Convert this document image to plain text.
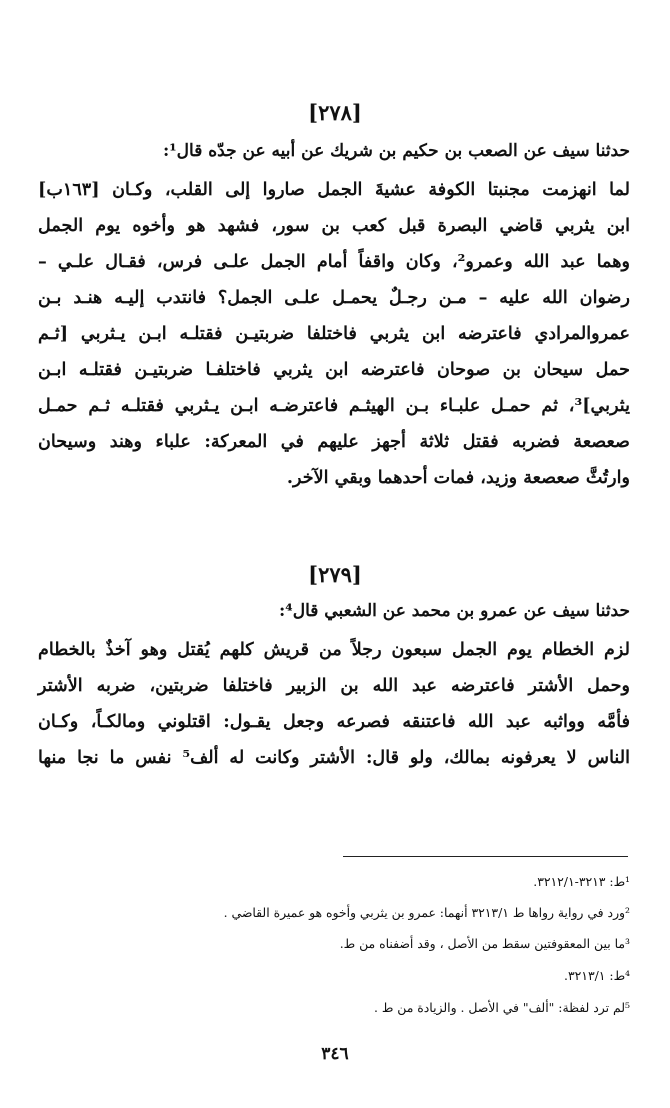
[٢٧٨]
حدثنا سيف عن الصعب بن حكيم بن شريك عن أبيه عن جدّه قال¹:
لما انهزمت مجنبتا الكوفة عشيةَ الجمل صاروا إلى القلب، وكـان [١٦٣ب]
ابن يثربي قاضي البصرة قبل كعب بن سور، فشهد هو وأخوه يوم الجمل
وهما عبد الله وعمرو²، وكان واقفاً أمام الجمل علـى فرس، فقـال علـي –
رضوان الله عليه – مـن رجـلٌ يحمـل علـى الجمل؟ فانتدب إليـه هنـد بـن
عمروالمرادي فاعترضه ابن يثربي فاختلفا ضربتيـن فقتلـه ابـن يـثربي [ثـم
حمل سيحان بن صوحان فاعترضه ابن يثربي فاختلفـا ضربتيـن فقتلـه ابـن
يثربي]³، ثم حمـل علبـاء بـن الهيثـم فاعترضـه ابـن يـثربي فقتلـه ثـم حمـل
صعصعة فضربه فقتل ثلاثة أجهز عليهم في المعركة: علباء وهند وسيحان
وارتُثَّ صعصعة وزيد، فمات أحدهما وبقي الآخر.
[٢٧٩]
حدثنا سيف عن عمرو بن محمد عن الشعبي قال⁴:
لزم الخطام يوم الجمل سبعون رجلاً من قريش كلهم يُقتل وهو آخذٌ بالخطام
وحمل الأشتر فاعترضه عبد الله بن الزبير فاختلفا ضربتين، ضربه الأشتر
فأمَّه وواثبه عبد الله فاعتنقه فصرعه وجعل يقـول: اقتلوني ومالكـاً، وكـان
الناس لا يعرفونه بمالك، ولو قال: الأشتر وكانت له ألف⁵ نفس ما نجا منها
¹ط: ٣٢١٣-٣٢١٢/١.
²ورد في رواية رواها ط ٣٢١٣/١ أنهما: عمرو بن يثربي وأخوه هو عميرة القاضي .
³ما بين المعقوفتين سقط من الأصل ، وقد أضفناه من ط.
⁴ط: ٣٢١٣/١.
⁵لم ترد لفظة: "ألف" في الأصل . والزيادة من ط .
٣٤٦
